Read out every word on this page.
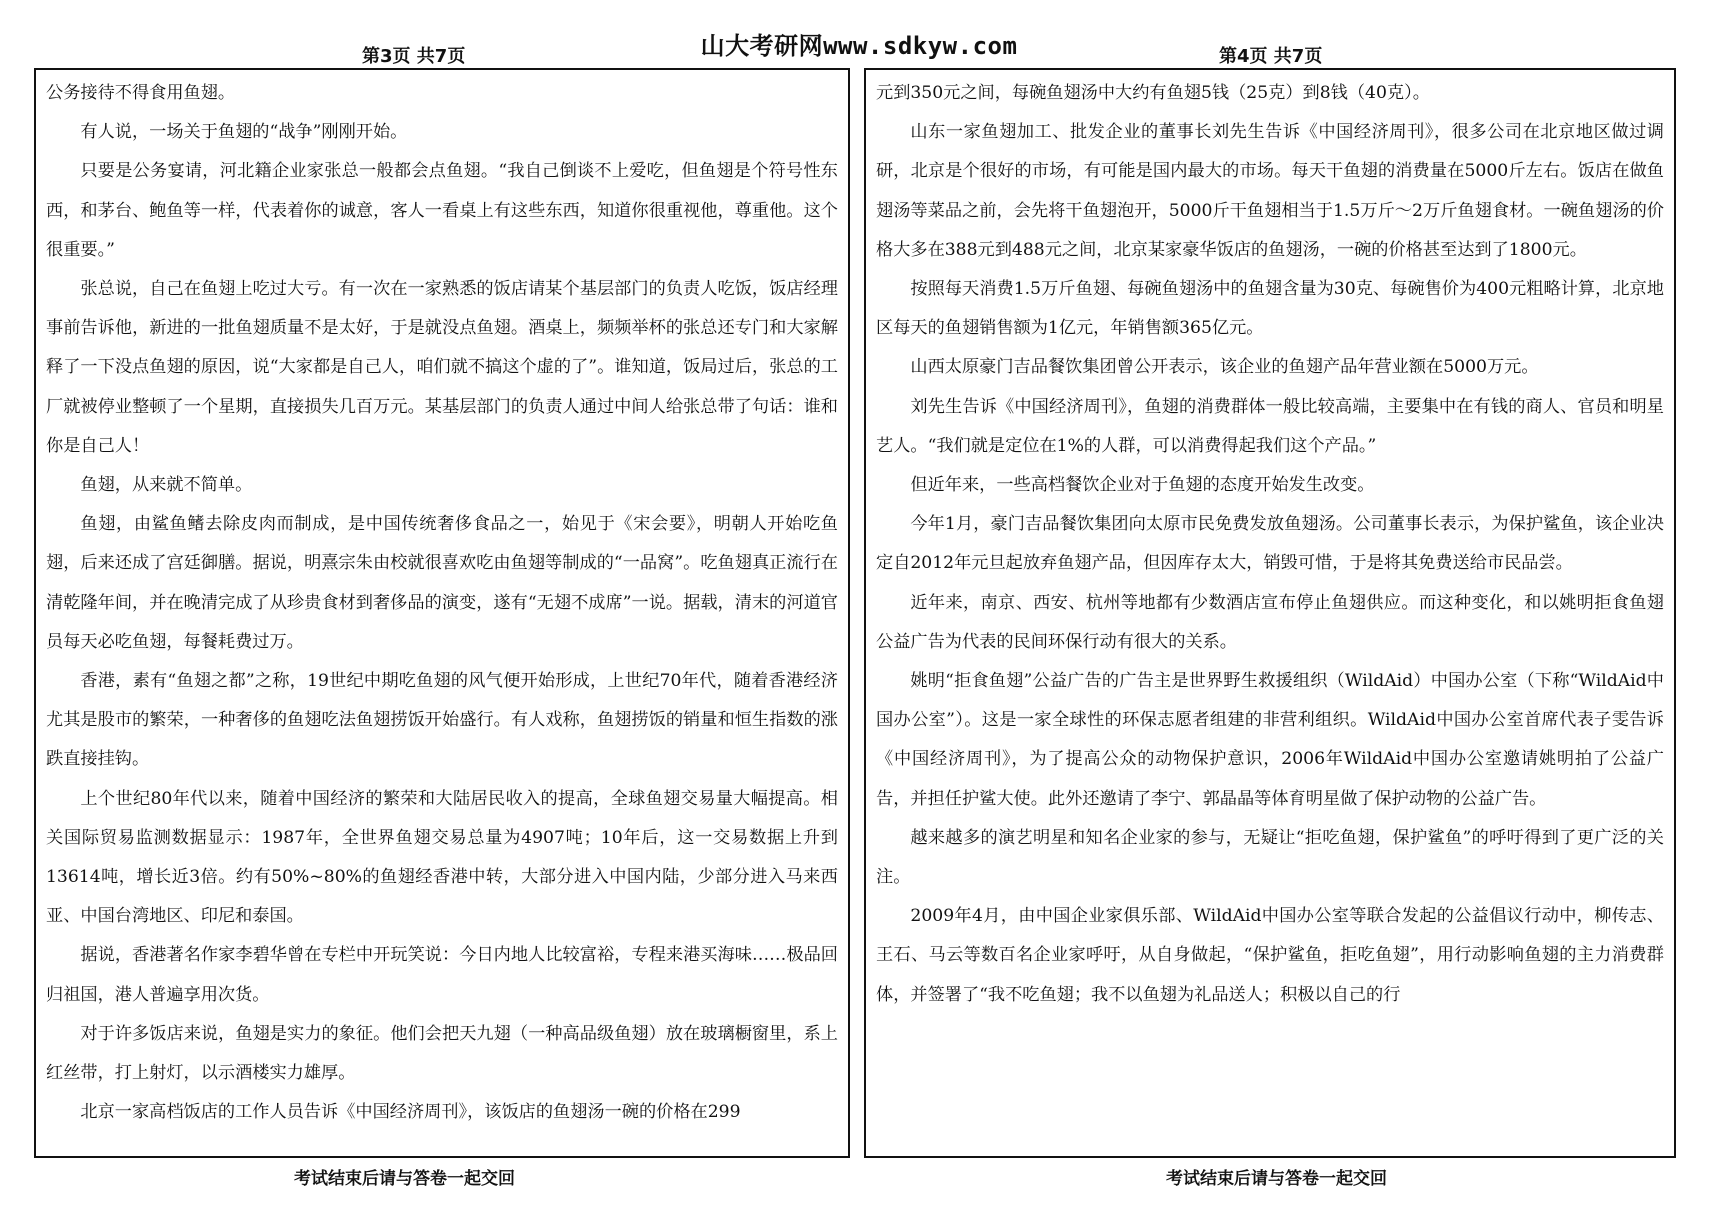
山大考研网www.sdkyw.com
第3页 共7页	第4页 共7页

公务接待不得食用鱼翅。

有人说，一场关于鱼翅的“战争”刚刚开始。

只要是公务宴请，河北籍企业家张总一般都会点鱼翅。“我自己倒谈不上爱吃，但鱼翅是个符号性东西，和茅台、鲍鱼等一样，代表着你的诚意，客人一看桌上有这些东西，知道你很重视他，尊重他。这个很重要。”

张总说，自己在鱼翅上吃过大亏。有一次在一家熟悉的饭店请某个基层部门的负责人吃饭，饭店经理事前告诉他，新进的一批鱼翅质量不是太好，于是就没点鱼翅。酒桌上，频频举杯的张总还专门和大家解释了一下没点鱼翅的原因，说“大家都是自己人，咱们就不搞这个虚的了”。谁知道，饭局过后，张总的工厂就被停业整顿了一个星期，直接损失几百万元。某基层部门的负责人通过中间人给张总带了句话：谁和你是自己人！

鱼翅，从来就不简单。

鱼翅，由鲨鱼鳍去除皮肉而制成，是中国传统奢侈食品之一，始见于《宋会要》，明朝人开始吃鱼翅，后来还成了宫廷御膳。据说，明熹宗朱由校就很喜欢吃由鱼翅等制成的“一品窝”。吃鱼翅真正流行在清乾隆年间，并在晚清完成了从珍贵食材到奢侈品的演变，遂有“无翅不成席”一说。据载，清末的河道官员每天必吃鱼翅，每餐耗费过万。

香港，素有“鱼翅之都”之称，19世纪中期吃鱼翅的风气便开始形成，上世纪70年代，随着香港经济尤其是股市的繁荣，一种奢侈的鱼翅吃法鱼翅捞饭开始盛行。有人戏称，鱼翅捞饭的销量和恒生指数的涨跌直接挂钩。

上个世纪80年代以来，随着中国经济的繁荣和大陆居民收入的提高，全球鱼翅交易量大幅提高。相关国际贸易监测数据显示：1987年，全世界鱼翅交易总量为4907吨；10年后，这一交易数据上升到13614吨，增长近3倍。约有50%~80%的鱼翅经香港中转，大部分进入中国内陆，少部分进入马来西亚、中国台湾地区、印尼和泰国。

据说，香港著名作家李碧华曾在专栏中开玩笑说：今日内地人比较富裕，专程来港买海味……极品回归祖国，港人普遍享用次货。

对于许多饭店来说，鱼翅是实力的象征。他们会把天九翅（一种高品级鱼翅）放在玻璃橱窗里，系上红丝带，打上射灯，以示酒楼实力雄厚。

北京一家高档饭店的工作人员告诉《中国经济周刊》，该饭店的鱼翅汤一碗的价格在299

元到350元之间，每碗鱼翅汤中大约有鱼翅5钱（25克）到8钱（40克）。

山东一家鱼翅加工、批发企业的董事长刘先生告诉《中国经济周刊》，很多公司在北京地区做过调研，北京是个很好的市场，有可能是国内最大的市场。每天干鱼翅的消费量在5000斤左右。饭店在做鱼翅汤等菜品之前，会先将干鱼翅泡开，5000斤干鱼翅相当于1.5万斤～2万斤鱼翅食材。一碗鱼翅汤的价格大多在388元到488元之间，北京某家豪华饭店的鱼翅汤，一碗的价格甚至达到了1800元。

按照每天消费1.5万斤鱼翅、每碗鱼翅汤中的鱼翅含量为30克、每碗售价为400元粗略计算，北京地区每天的鱼翅销售额为1亿元，年销售额365亿元。

山西太原豪门吉品餐饮集团曾公开表示，该企业的鱼翅产品年营业额在5000万元。

刘先生告诉《中国经济周刊》，鱼翅的消费群体一般比较高端，主要集中在有钱的商人、官员和明星艺人。“我们就是定位在1%的人群，可以消费得起我们这个产品。”

但近年来，一些高档餐饮企业对于鱼翅的态度开始发生改变。

今年1月，豪门吉品餐饮集团向太原市民免费发放鱼翅汤。公司董事长表示，为保护鲨鱼，该企业决定自2012年元旦起放弃鱼翅产品，但因库存太大，销毁可惜，于是将其免费送给市民品尝。

近年来，南京、西安、杭州等地都有少数酒店宣布停止鱼翅供应。而这种变化，和以姚明拒食鱼翅公益广告为代表的民间环保行动有很大的关系。

姚明“拒食鱼翅”公益广告的广告主是世界野生救援组织（WildAid）中国办公室（下称“WildAid中国办公室”）。这是一家全球性的环保志愿者组建的非营利组织。WildAid中国办公室首席代表子雯告诉《中国经济周刊》，为了提高公众的动物保护意识，2006年WildAid中国办公室邀请姚明拍了公益广告，并担任护鲨大使。此外还邀请了李宁、郭晶晶等体育明星做了保护动物的公益广告。

越来越多的演艺明星和知名企业家的参与，无疑让“拒吃鱼翅，保护鲨鱼”的呼吁得到了更广泛的关注。

2009年4月，由中国企业家俱乐部、WildAid中国办公室等联合发起的公益倡议行动中，柳传志、王石、马云等数百名企业家呼吁，从自身做起，“保护鲨鱼，拒吃鱼翅”，用行动影响鱼翅的主力消费群体，并签署了“我不吃鱼翅；我不以鱼翅为礼品送人；积极以自己的行

考试结束后请与答卷一起交回	考试结束后请与答卷一起交回
